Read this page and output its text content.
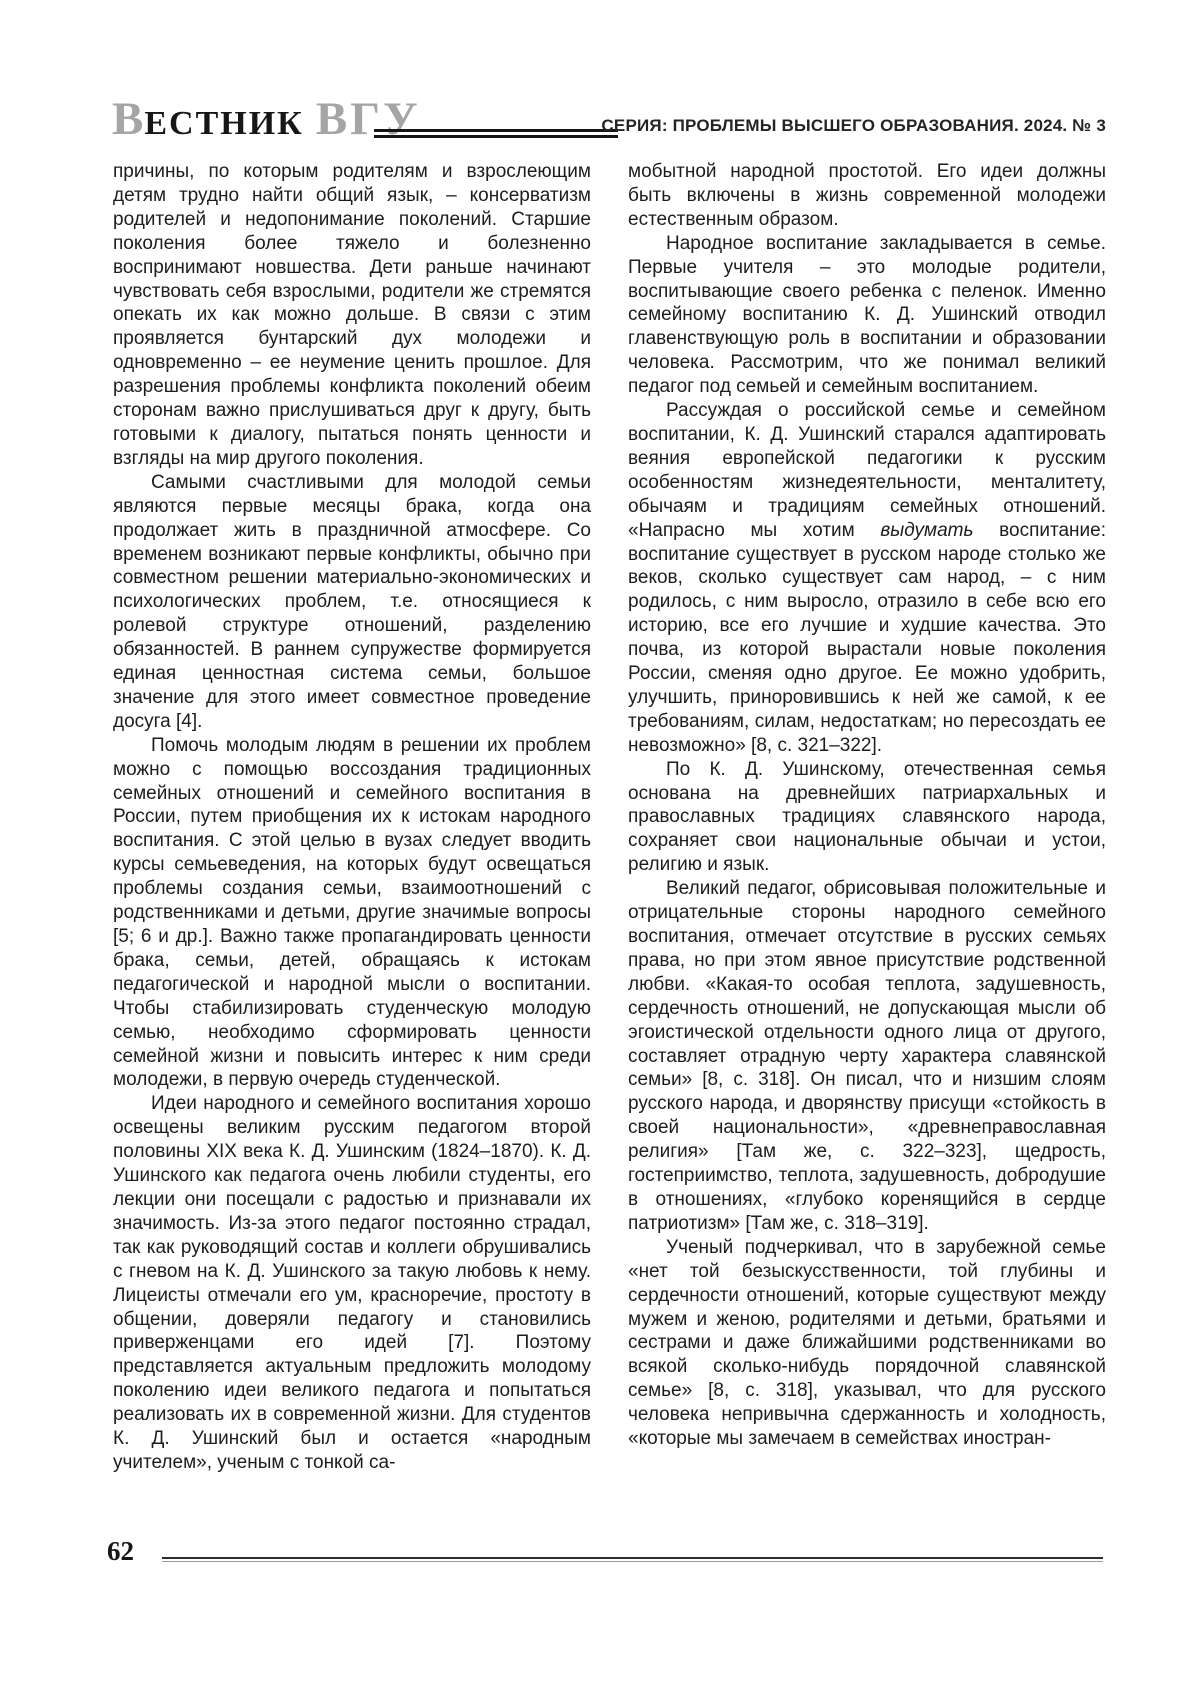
ВЕСТНИК ВГУ	СЕРИЯ: ПРОБЛЕМЫ ВЫСШЕГО ОБРАЗОВАНИЯ. 2024. № 3

причины, по которым родителям и взрослеющим детям трудно найти общий язык, – консерватизм родителей и недопонимание поколений. Старшие поколения более тяжело и болезненно воспринимают новшества. Дети раньше начинают чувствовать себя взрослыми, родители же стремятся опекать их как можно дольше. В связи с этим проявляется бунтарский дух молодежи и одновременно – ее неумение ценить прошлое. Для разрешения проблемы конфликта поколений обеим сторонам важно прислушиваться друг к другу, быть готовыми к диалогу, пытаться понять ценности и взгляды на мир другого поколения.

Самыми счастливыми для молодой семьи являются первые месяцы брака, когда она продолжает жить в праздничной атмосфере. Со временем возникают первые конфликты, обычно при совместном решении материально-экономических и психологических проблем, т.е. относящиеся к ролевой структуре отношений, разделению обязанностей. В раннем супружестве формируется единая ценностная система семьи, большое значение для этого имеет совместное проведение досуга [4].

Помочь молодым людям в решении их проблем можно с помощью воссоздания традиционных семейных отношений и семейного воспитания в России, путем приобщения их к истокам народного воспитания. С этой целью в вузах следует вводить курсы семьеведения, на которых будут освещаться проблемы создания семьи, взаимоотношений с родственниками и детьми, другие значимые вопросы [5; 6 и др.]. Важно также пропагандировать ценности брака, семьи, детей, обращаясь к истокам педагогической и народной мысли о воспитании. Чтобы стабилизировать студенческую молодую семью, необходимо сформировать ценности семейной жизни и повысить интерес к ним среди молодежи, в первую очередь студенческой.

Идеи народного и семейного воспитания хорошо освещены великим русским педагогом второй половины XIX века К. Д. Ушинским (1824–1870). К. Д. Ушинского как педагога очень любили студенты, его лекции они посещали с радостью и признавали их значимость. Из-за этого педагог постоянно страдал, так как руководящий состав и коллеги обрушивались с гневом на К. Д. Ушинского за такую любовь к нему. Лицеисты отмечали его ум, красноречие, простоту в общении, доверяли педагогу и становились приверженцами его идей [7]. Поэтому представляется актуальным предложить молодому поколению идеи великого педагога и попытаться реализовать их в современной жизни. Для студентов К. Д. Ушинский был и остается «народным учителем», ученым с тонкой са-

мобытной народной простотой. Его идеи должны быть включены в жизнь современной молодежи естественным образом.

Народное воспитание закладывается в семье. Первые учителя – это молодые родители, воспитывающие своего ребенка с пеленок. Именно семейному воспитанию К. Д. Ушинский отводил главенствующую роль в воспитании и образовании человека. Рассмотрим, что же понимал великий педагог под семьей и семейным воспитанием.

Рассуждая о российской семье и семейном воспитании, К. Д. Ушинский старался адаптировать веяния европейской педагогики к русским особенностям жизнедеятельности, менталитету, обычаям и традициям семейных отношений. «Напрасно мы хотим выдумать воспитание: воспитание существует в русском народе столько же веков, сколько существует сам народ, – с ним родилось, с ним выросло, отразило в себе всю его историю, все его лучшие и худшие качества. Это почва, из которой вырастали новые поколения России, сменяя одно другое. Ее можно удобрить, улучшить, приноровившись к ней же самой, к ее требованиям, силам, недостаткам; но пересоздать ее невозможно» [8, с. 321–322].

По К. Д. Ушинскому, отечественная семья основана на древнейших патриархальных и православных традициях славянского народа, сохраняет свои национальные обычаи и устои, религию и язык.

Великий педагог, обрисовывая положительные и отрицательные стороны народного семейного воспитания, отмечает отсутствие в русских семьях права, но при этом явное присутствие родственной любви. «Какая-то особая теплота, задушевность, сердечность отношений, не допускающая мысли об эгоистической отдельности одного лица от другого, составляет отрадную черту характера славянской семьи» [8, с. 318]. Он писал, что и низшим слоям русского народа, и дворянству присущи «стойкость в своей национальности», «древнеправославная религия» [Там же, с. 322–323], щедрость, гостеприимство, теплота, задушевность, добродушие в отношениях, «глубоко коренящийся в сердце патриотизм» [Там же, с. 318–319].

Ученый подчеркивал, что в зарубежной семье «нет той безыскусственности, той глубины и сердечности отношений, которые существуют между мужем и женою, родителями и детьми, братьями и сестрами и даже ближайшими родственниками во всякой сколько-нибудь порядочной славянской семье» [8, с. 318], указывал, что для русского человека непривычна сдержанность и холодность, «которые мы замечаем в семействах иностран-

62
